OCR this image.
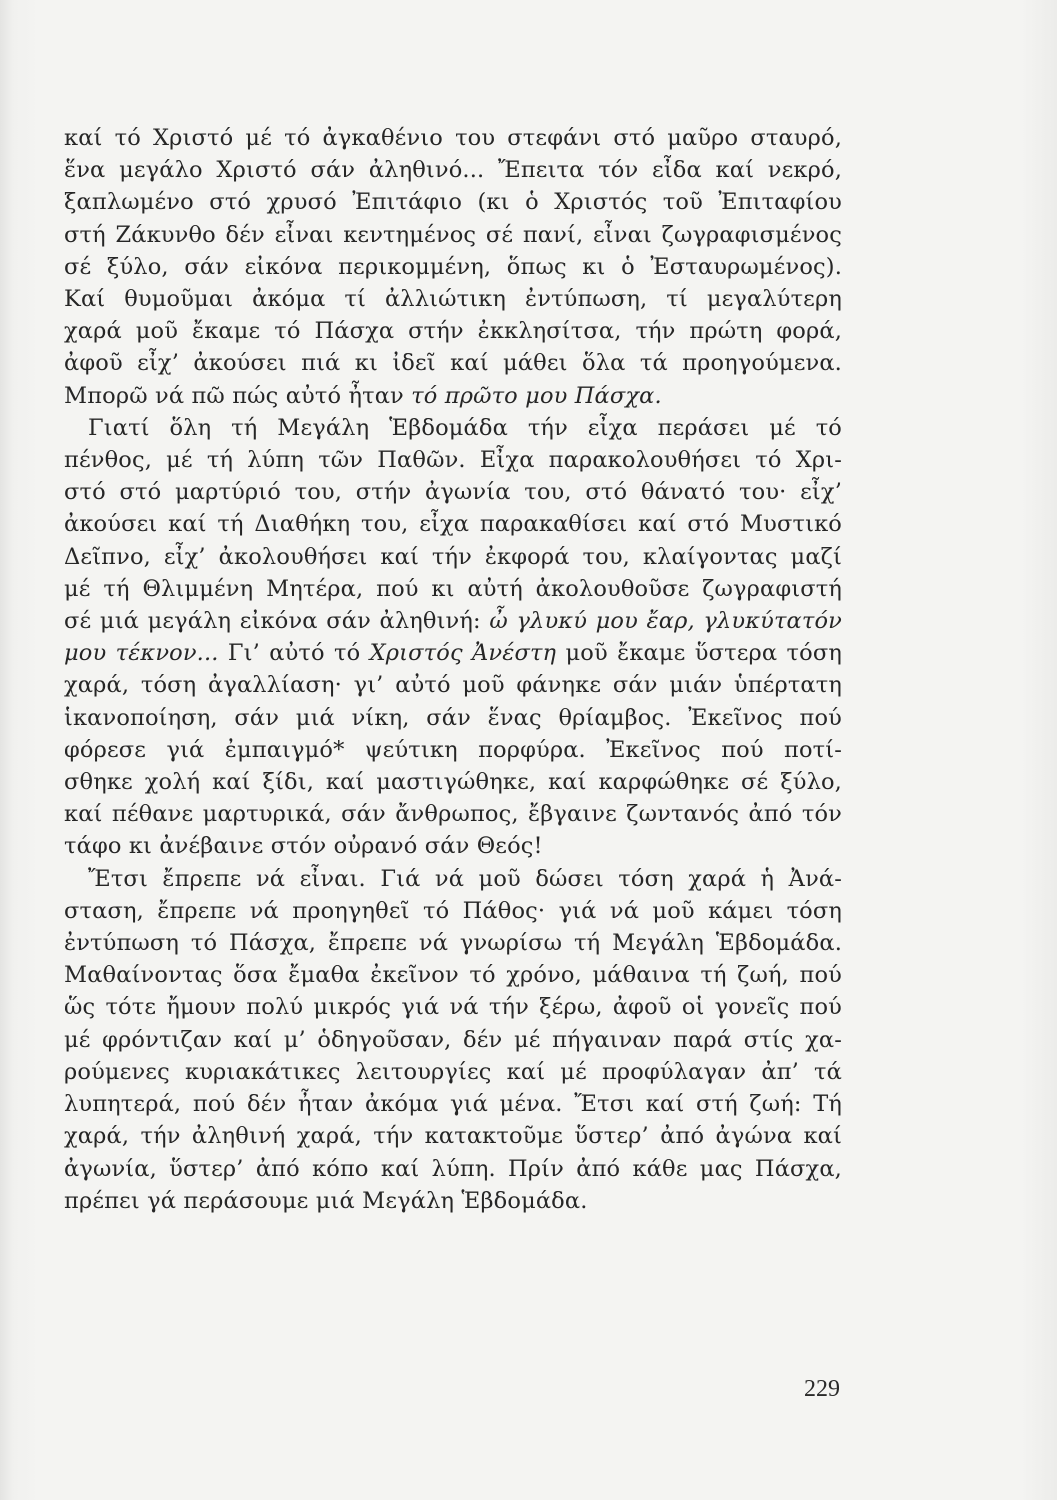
καί τό Χριστό μέ τό ἀγκαθένιο του στεφάνι στό μαῦρο σταυρό,
ἕνα μεγάλο Χριστό σάν ἀληθινό... Ἔπειτα τόν εἶδα καί νεκρό,
ξαπλωμένο στό χρυσό Ἐπιτάφιο (κι ὁ Χριστός τοῦ Ἐπιταφίου
στή Ζάκυνθο δέν εἶναι κεντημένος σέ πανί, εἶναι ζωγραφισμένος
σέ ξύλο, σάν εἰκόνα περικομμένη, ὅπως κι ὁ Ἐσταυρωμένος).

Καί θυμοῦμαι ἀκόμα τί ἀλλιώτικη ἐντύπωση, τί μεγαλύτερη
χαρά μοῦ ἔκαμε τό Πάσχα στήν ἐκκλησίτσα, τήν πρώτη φορά,
ἀφοῦ εἶχ’ ἀκούσει πιά κι ἰδεῖ καί μάθει ὅλα τά προηγούμενα.
Μπορῶ νά πῶ πώς αὐτό ἦταν τό πρῶτο μου Πάσχα.

Γιατί ὅλη τή Μεγάλη Ἑβδομάδα τήν εἶχα περάσει μέ τό
πένθος, μέ τή λύπη τῶν Παθῶν. Εἶχα παρακολουθήσει τό Χρι-
στό στό μαρτύριό του, στήν ἀγωνία του, στό θάνατό του· εἶχ’
ἀκούσει καί τή Διαθήκη του, εἶχα παρακαθίσει καί στό Μυστικό
Δεῖπνο, εἶχ’ ἀκολουθήσει καί τήν ἐκφορά του, κλαίγοντας μαζί
μέ τή Θλιμμένη Μητέρα, πού κι αὐτή ἀκολουθοῦσε ζωγραφιστή
σέ μιά μεγάλη εἰκόνα σάν ἀληθινή: ὦ γλυκύ μου ἔαρ, γλυκύτατόν
μου τέκνον... Γι’ αὐτό τό Χριστός Ἀνέστη μοῦ ἔκαμε ὕστερα τόση
χαρά, τόση ἀγαλλίαση· γι’ αὐτό μοῦ φάνηκε σάν μιάν ὑπέρτατη
ἱκανοποίηση, σάν μιά νίκη, σάν ἕνας θρίαμβος. Ἐκεῖνος πού
φόρεσε γιά ἐμπαιγμό* ψεύτικη πορφύρα. Ἐκεῖνος πού ποτί-
σθηκε χολή καί ξίδι, καί μαστιγώθηκε, καί καρφώθηκε σέ ξύλο,
καί πέθανε μαρτυρικά, σάν ἄνθρωπος, ἔβγαινε ζωντανός ἀπό τόν
τάφο κι ἀνέβαινε στόν οὐρανό σάν Θεός!

Ἔτσι ἔπρεπε νά εἶναι. Γιά νά μοῦ δώσει τόση χαρά ἡ Ἀνά-
σταση, ἔπρεπε νά προηγηθεῖ τό Πάθος· γιά νά μοῦ κάμει τόση
ἐντύπωση τό Πάσχα, ἔπρεπε νά γνωρίσω τή Μεγάλη Ἑβδομάδα.
Μαθαίνοντας ὅσα ἔμαθα ἐκεῖνον τό χρόνο, μάθαινα τή ζωή, πού
ὥς τότε ἤμουν πολύ μικρός γιά νά τήν ξέρω, ἀφοῦ οἱ γονεῖς πού
μέ φρόντιζαν καί μ’ ὁδηγοῦσαν, δέν μέ πήγαιναν παρά στίς χα-
ρούμενες κυριακάτικες λειτουργίες καί μέ προφύλαγαν ἀπ’ τά
λυπητερά, πού δέν ἦταν ἀκόμα γιά μένα. Ἔτσι καί στή ζωή: Τή
χαρά, τήν ἀληθινή χαρά, τήν κατακτοῦμε ὕστερ’ ἀπό ἀγώνα καί
ἀγωνία, ὕστερ’ ἀπό κόπο καί λύπη. Πρίν ἀπό κάθε μας Πάσχα,
πρέπει γά περάσουμε μιά Μεγάλη Ἑβδομάδα.

229
